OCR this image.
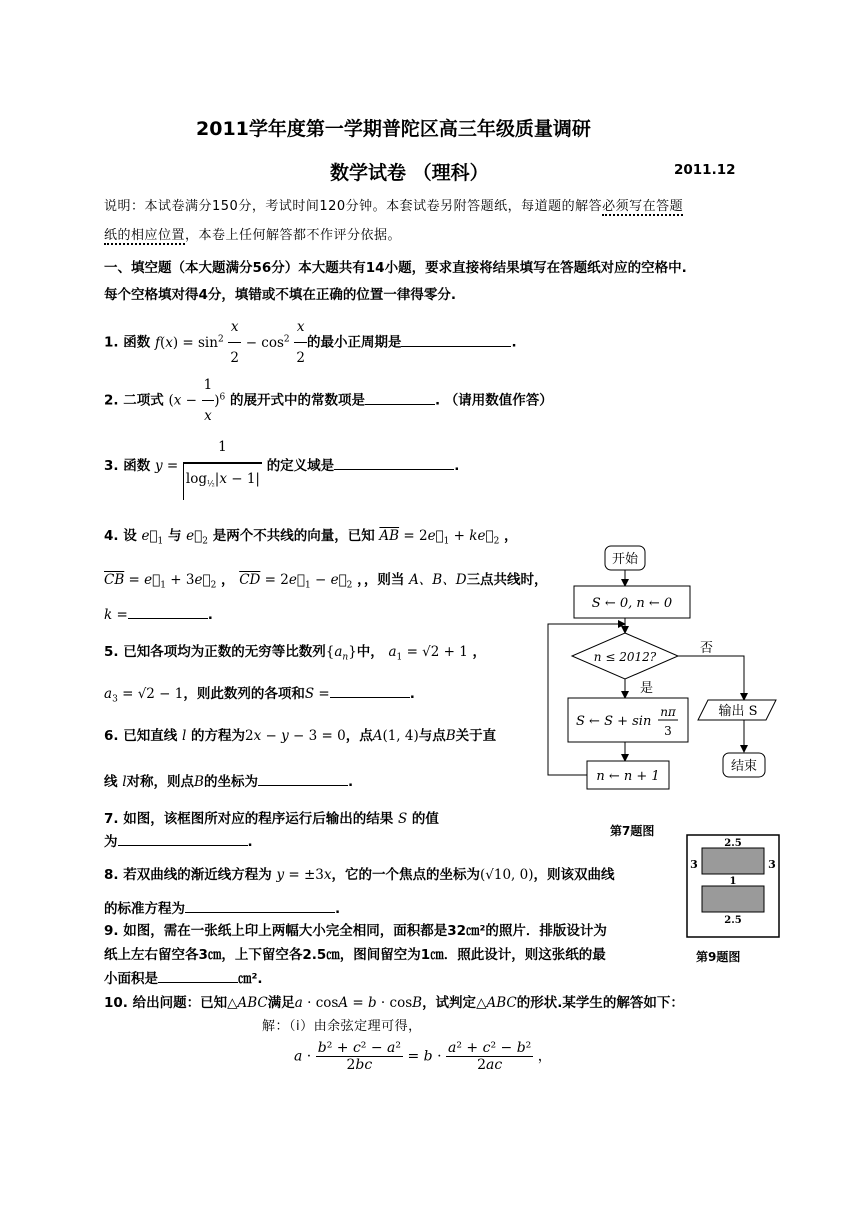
2011学年度第一学期普陀区高三年级质量调研
数学试卷 （理科）	2011.12
说明：本试卷满分150分，考试时间120分钟。本套试卷另附答题纸，每道题的解答必须写在答题
纸的相应位置，本卷上任何解答都不作评分依据。
一、填空题（本大题满分56分）本大题共有14小题，要求直接将结果填写在答题纸对应的空格中.
每个空格填对得4分，填错或不填在正确的位置一律得零分.
1. 函数 $f(x) = \sin^2 \frac{x}{2} - \cos^2 \frac{x}{2}$ 的最小正周期是	.
2. 二项式 $(x - \frac{1}{x} )^6$ 的展开式中的常数项是	. （请用数值作答）
3. 函数 $y = \frac{1}{\log_{\frac{1}{2}}|x - 1|}$ 的定义域是	.
4. 设 $e⃗_1$ 与 $e⃗_2$ 是两个不共线的向量，已知 $\overline{AB}$ = $2e⃗_1$ + $ke⃗_2$ ，
$\overline{CB}$ = $e⃗_1$ + $3e⃗_2$ ， $\overline{CD}$ = $2e⃗_1$ − $e⃗_2$ ，，则当 A、B、D三点共线时，
k =	.
5. 已知各项均为正数的无穷等比数列$\{a_n\}$中， $a_1 = √2 + 1$ ，
$a_3 = √2 - 1$，则此数列的各项和S =	.
6. 已知直线 l 的方程为2x − y − 3 = 0，点A(1, 4)与点B关于直
线 l对称，则点B的坐标为	.
7. 如图，该框图所对应的程序运行后输出的结果 S 的值
为	.
8. 若双曲线的渐近线方程为 y = ±3x，它的一个焦点的坐标为(√10, 0)，则该双曲线
的标准方程为	.
9. 如图，需在一张纸上印上两幅大小完全相同，面积都是32㎝²的照片．排版设计为
纸上左右留空各3㎝，上下留空各2.5㎝，图间留空为1㎝．照此设计，则这张纸的最
小面积是	㎝².
10. 给出问题：已知△ABC满足a · cosA = b · cosB，试判定△ABC的形状.某学生的解答如下：
解：（i）由余弦定理可得，
$a \cdot \frac{\text{b² + c² − a²}}{2bc} = b \cdot \frac{\text{a² + c² − b²}}{2ac}$ ，
开始
S ← 0, n ← 0
n ≤ 2012?
否
输出 S
结束
是
S ← S + sin
nπ
3
n ← n + 1
第7题图
2.5
2.5
3	3
1
第9题图
